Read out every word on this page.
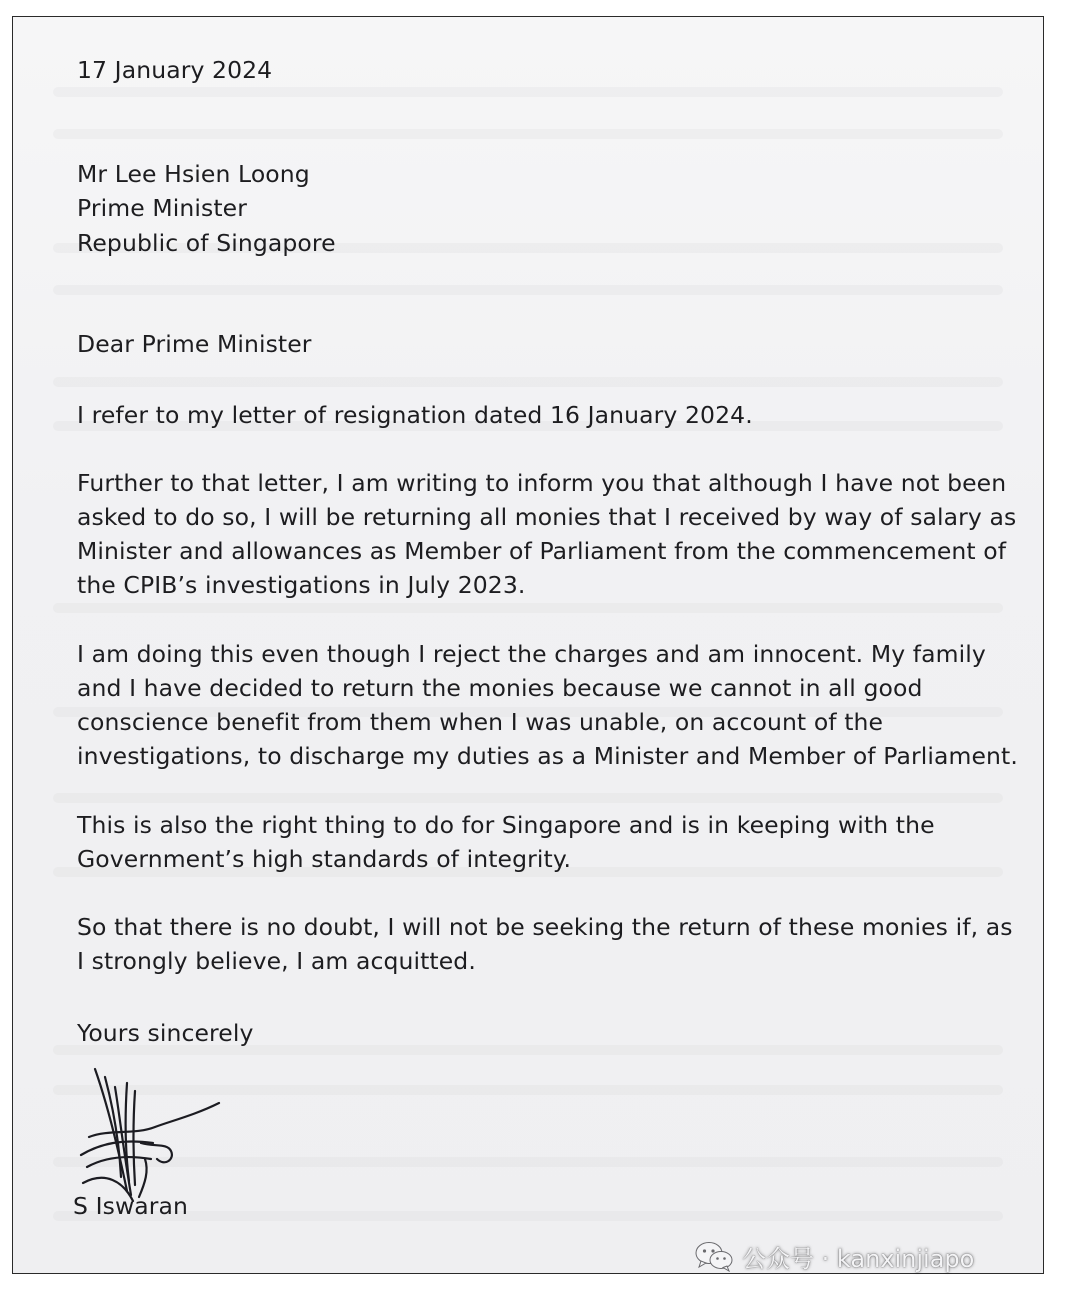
17 January 2024
Mr Lee Hsien Loong
Prime Minister
Republic of Singapore
Dear Prime Minister
I refer to my letter of resignation dated 16 January 2024.
Further to that letter, I am writing to inform you that although I have not been
asked to do so, I will be returning all monies that I received by way of salary as
Minister and allowances as Member of Parliament from the commencement of
the CPIB’s investigations in July 2023.
I am doing this even though I reject the charges and am innocent. My family
and I have decided to return the monies because we cannot in all good
conscience benefit from them when I was unable, on account of the
investigations, to discharge my duties as a Minister and Member of Parliament.
This is also the right thing to do for Singapore and is in keeping with the
Government’s high standards of integrity.
So that there is no doubt, I will not be seeking the return of these monies if, as
I strongly believe, I am acquitted.
Yours sincerely
S Iswaran
公众号 · kanxinjiapo
